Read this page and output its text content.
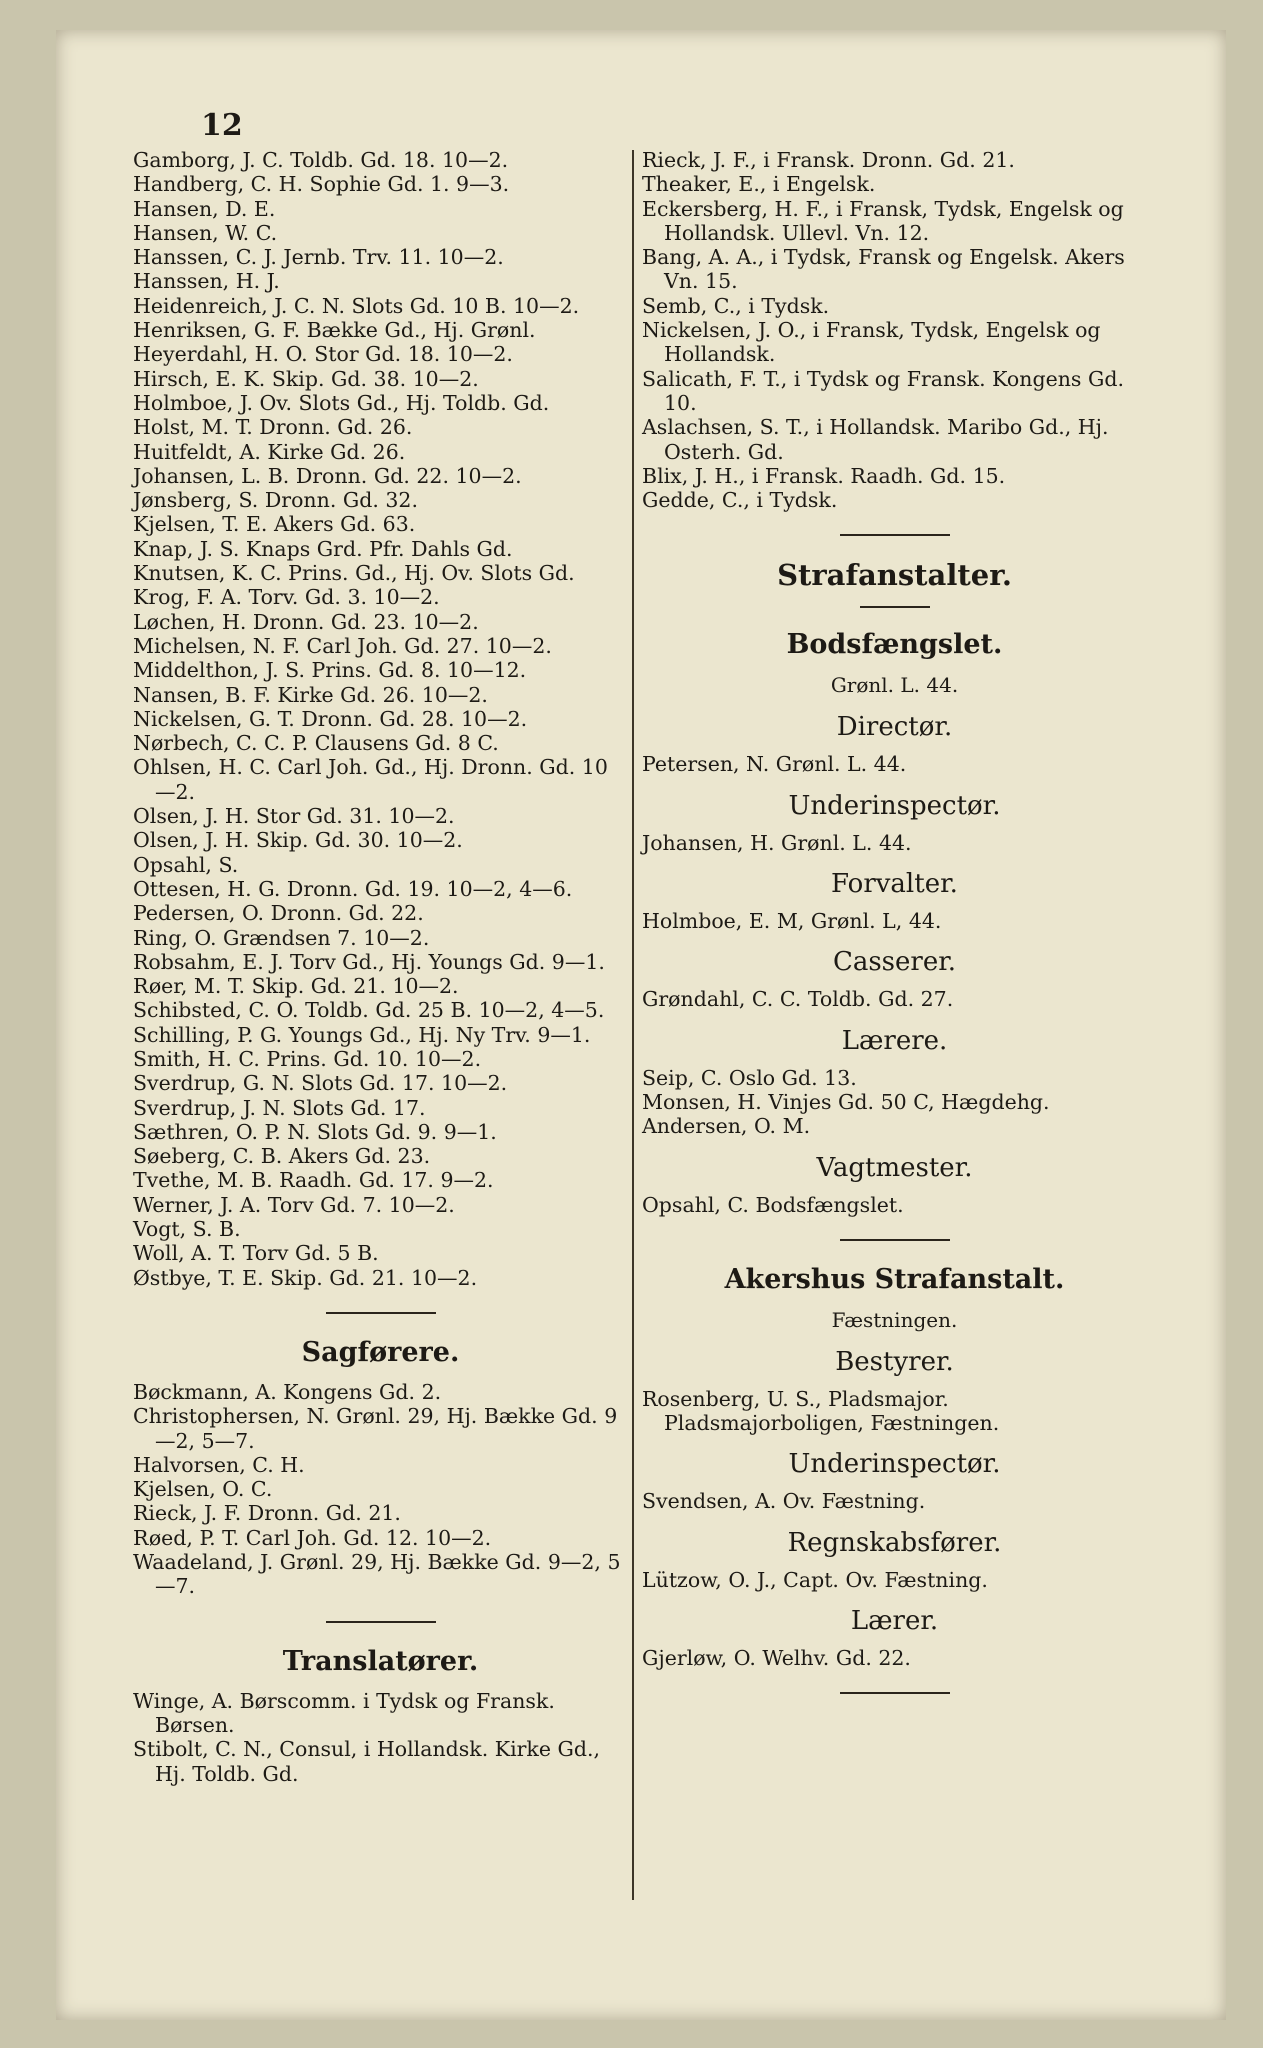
12
Gamborg, J. C. Toldb. Gd. 18. 10—2.
Handberg, C. H. Sophie Gd. 1. 9—3.
Hansen, D. E.
Hansen, W. C.
Hanssen, C. J. Jernb. Trv. 11. 10—2.
Hanssen, H. J.
Heidenreich, J. C. N. Slots Gd. 10 B. 10—2.
Henriksen, G. F. Bække Gd., Hj. Grønl.
Heyerdahl, H. O. Stor Gd. 18. 10—2.
Hirsch, E. K. Skip. Gd. 38. 10—2.
Holmboe, J. Ov. Slots Gd., Hj. Toldb. Gd.
Holst, M. T. Dronn. Gd. 26.
Huitfeldt, A. Kirke Gd. 26.
Johansen, L. B. Dronn. Gd. 22. 10—2.
Jønsberg, S. Dronn. Gd. 32.
Kjelsen, T. E. Akers Gd. 63.
Knap, J. S. Knaps Grd. Pfr. Dahls Gd.
Knutsen, K. C. Prins. Gd., Hj. Ov. Slots Gd.
Krog, F. A. Torv. Gd. 3. 10—2.
Løchen, H. Dronn. Gd. 23. 10—2.
Michelsen, N. F. Carl Joh. Gd. 27. 10—2.
Middelthon, J. S. Prins. Gd. 8. 10—12.
Nansen, B. F. Kirke Gd. 26. 10—2.
Nickelsen, G. T. Dronn. Gd. 28. 10—2.
Nørbech, C. C. P. Clausens Gd. 8 C.
Ohlsen, H. C. Carl Joh. Gd., Hj. Dronn. Gd. 10—2.
Olsen, J. H. Stor Gd. 31. 10—2.
Olsen, J. H. Skip. Gd. 30. 10—2.
Opsahl, S.
Ottesen, H. G. Dronn. Gd. 19. 10—2, 4—6.
Pedersen, O. Dronn. Gd. 22.
Ring, O. Grændsen 7. 10—2.
Robsahm, E. J. Torv Gd., Hj. Youngs Gd. 9—1.
Røer, M. T. Skip. Gd. 21. 10—2.
Schibsted, C. O. Toldb. Gd. 25 B. 10—2, 4—5.
Schilling, P. G. Youngs Gd., Hj. Ny Trv. 9—1.
Smith, H. C. Prins. Gd. 10. 10—2.
Sverdrup, G. N. Slots Gd. 17. 10—2.
Sverdrup, J. N. Slots Gd. 17.
Sæthren, O. P. N. Slots Gd. 9. 9—1.
Søeberg, C. B. Akers Gd. 23.
Tvethe, M. B. Raadh. Gd. 17. 9—2.
Werner, J. A. Torv Gd. 7. 10—2.
Vogt, S. B.
Woll, A. T. Torv Gd. 5 B.
Østbye, T. E. Skip. Gd. 21. 10—2.
Sagførere.
Bøckmann, A. Kongens Gd. 2.
Christophersen, N. Grønl. 29, Hj. Bække Gd. 9—2, 5—7.
Halvorsen, C. H.
Kjelsen, O. C.
Rieck, J. F. Dronn. Gd. 21.
Røed, P. T. Carl Joh. Gd. 12. 10—2.
Waadeland, J. Grønl. 29, Hj. Bække Gd. 9—2, 5—7.
Translatører.
Winge, A. Børscomm. i Tydsk og Fransk. Børsen.
Stibolt, C. N., Consul, i Hollandsk. Kirke Gd., Hj. Toldb. Gd.
Rieck, J. F., i Fransk. Dronn. Gd. 21.
Theaker, E., i Engelsk.
Eckersberg, H. F., i Fransk, Tydsk, Engelsk og Hollandsk. Ullevl. Vn. 12.
Bang, A. A., i Tydsk, Fransk og Engelsk. Akers Vn. 15.
Semb, C., i Tydsk.
Nickelsen, J. O., i Fransk, Tydsk, Engelsk og Hollandsk.
Salicath, F. T., i Tydsk og Fransk. Kongens Gd. 10.
Aslachsen, S. T., i Hollandsk. Maribo Gd., Hj. Osterh. Gd.
Blix, J. H., i Fransk. Raadh. Gd. 15.
Gedde, C., i Tydsk.
Strafanstalter.
Bodsfængslet.
Grønl. L. 44.
Directør.
Petersen, N. Grønl. L. 44.
Underinspectør.
Johansen, H. Grønl. L. 44.
Forvalter.
Holmboe, E. M, Grønl. L, 44.
Casserer.
Grøndahl, C. C. Toldb. Gd. 27.
Lærere.
Seip, C. Oslo Gd. 13.
Monsen, H. Vinjes Gd. 50 C, Hægdehg.
Andersen, O. M.
Vagtmester.
Opsahl, C. Bodsfængslet.
Akershus Strafanstalt.
Fæstningen.
Bestyrer.
Rosenberg, U. S., Pladsmajor. Pladsmajorboligen, Fæstningen.
Underinspectør.
Svendsen, A. Ov. Fæstning.
Regnskabsfører.
Lützow, O. J., Capt. Ov. Fæstning.
Lærer.
Gjerløw, O. Welhv. Gd. 22.
